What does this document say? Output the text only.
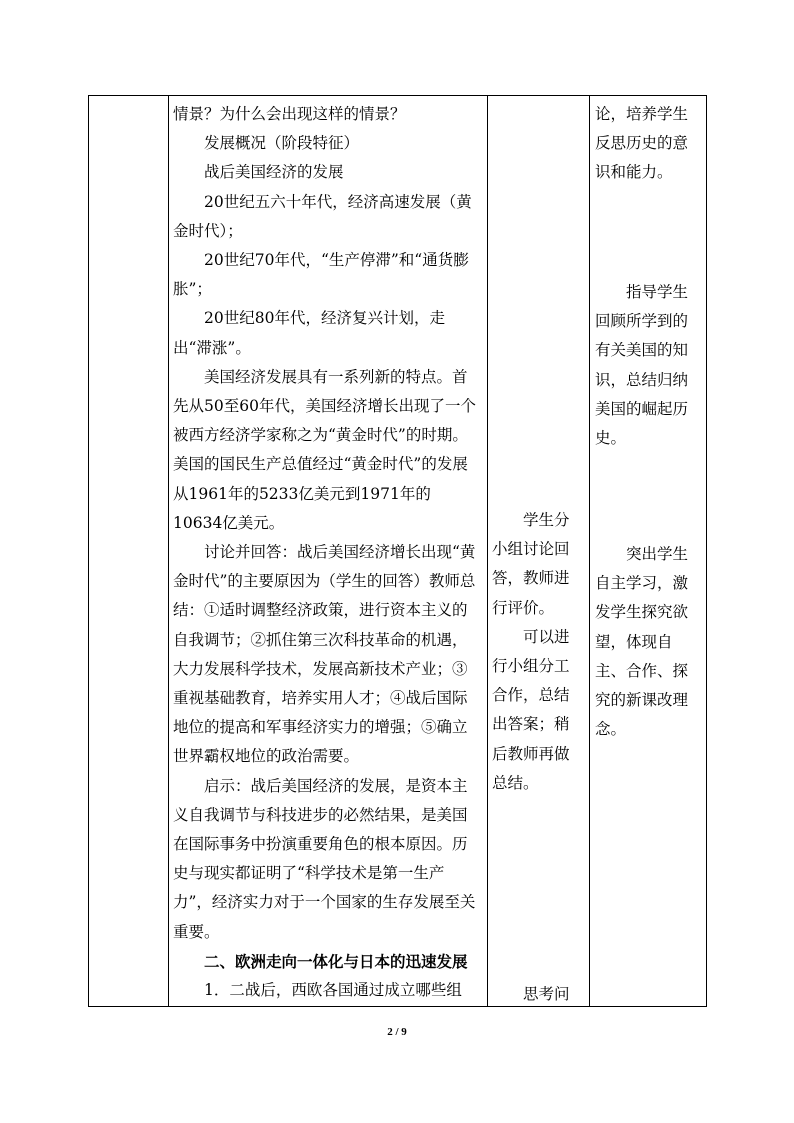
情景？为什么会出现这样的情景？

发展概况（阶段特征）

战后美国经济的发展

20世纪五六十年代，经济高速发展（黄金时代）；

20世纪70年代，“生产停滞”和“通货膨胀”；

20世纪80年代，经济复兴计划，走出“滞涨”。

美国经济发展具有一系列新的特点。首先从50至60年代，美国经济增长出现了一个被西方经济学家称之为“黄金时代”的时期。美国的国民生产总值经过“黄金时代”的发展从1961年的5233亿美元到1971年的10634亿美元。

讨论并回答：战后美国经济增长出现“黄金时代”的主要原因为（学生的回答）教师总结：①适时调整经济政策，进行资本主义的自我调节；②抓住第三次科技革命的机遇，大力发展科学技术，发展高新技术产业；③重视基础教育，培养实用人才；④战后国际地位的提高和军事经济实力的增强；⑤确立世界霸权地位的政治需要。

启示：战后美国经济的发展，是资本主义自我调节与科技进步的必然结果，是美国在国际事务中扮演重要角色的根本原因。历史与现实都证明了“科学技术是第一生产力”，经济实力对于一个国家的生存发展至关重要。

二、欧洲走向一体化与日本的迅速发展

1．二战后，西欧各国通过成立哪些组

学生分小组讨论回答，教师进行评价。

可以进行小组分工合作，总结出答案；稍后教师再做总结。

思考问

论，培养学生反思历史的意识和能力。

指导学生回顾所学到的有关美国的知识，总结归纳美国的崛起历史。

突出学生自主学习，激发学生探究欲望，体现自主、合作、探究的新课改理念。

2 / 9
